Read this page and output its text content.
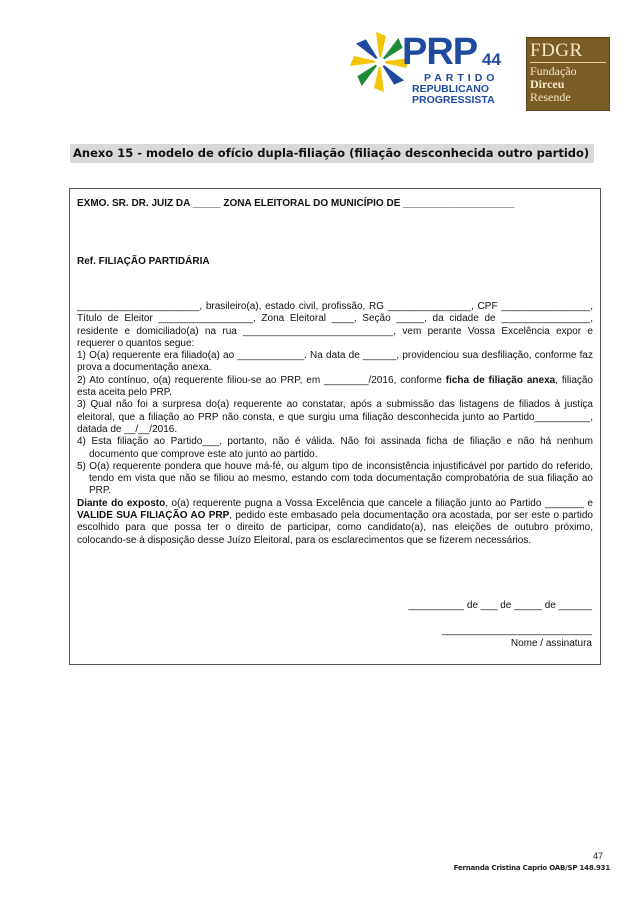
PRP 44
PARTIDO
REPUBLICANO
PROGRESSISTA
FDGR
Fundação
Dirceu
Resende
Anexo 15 - modelo de ofício dupla-filiação (filiação desconhecida outro partido)
EXMO. SR. DR. JUIZ DA _____ ZONA ELEITORAL DO MUNICÍPIO DE ____________________
Ref. FILIAÇÃO PARTIDÁRIA

______________________, brasileiro(a), estado civil, profissão, RG _______________, CPF ________________, Título de Eleitor _________________, Zona Eleitoral ____, Seção _____, da cidade de ________________, residente e domiciliado(a) na rua ___________________________, vem perante Vossa Excelência expor e requerer o quantos segue:

1) O(a) requerente era filiado(a) ao ____________. Na data de ______, providenciou sua desfiliação, conforme faz prova a documentação anexa.

2) Ato contínuo, o(a) requerente filiou-se ao PRP, em ________/2016, conforme ficha de filiação anexa, filiação esta aceita pelo PRP.

3) Qual não foi a surpresa do(a) requerente ao constatar, após a submissão das listagens de filiados à justiça eleitoral, que a filiação ao PRP não consta, e que surgiu uma filiação desconhecida junto ao Partido__________, datada de __/__/2016.

4) Esta filiação ao Partido___, portanto, não é válida. Não foi assinada ficha de filiação e não há nenhum documento que comprove este ato junto ao partido.

5) O(a) requerente pondera que houve má-fé, ou algum tipo de inconsistência injustificável por partido do referido, tendo em vista que não se filiou ao mesmo, estando com toda documentação comprobatória de sua filiação ao PRP.

Diante do exposto, o(a) requerente pugna a Vossa Excelência que cancele a filiação junto ao Partido _______ e VALIDE SUA FILIAÇÃO AO PRP, pedido este embasado pela documentação ora acostada, por ser este o partido escolhido para que possa ter o direito de participar, como candidato(a), nas eleições de outubro próximo, colocando-se à disposição desse Juízo Eleitoral, para os esclarecimentos que se fizerem necessários.

__________ de ___ de _____ de ______
___________________________
Nome / assinatura
47
Fernanda Cristina Caprio OAB/SP 148.931
